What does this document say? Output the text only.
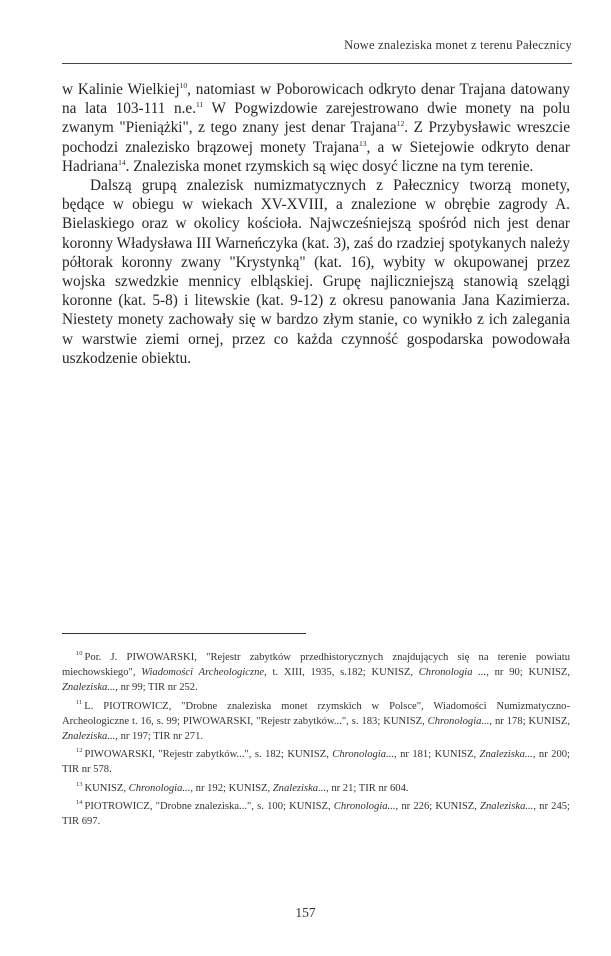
Nowe znaleziska monet z terenu Pałecznicy

w Kalinie Wielkiej$^{10}$, natomiast w Poborowicach odkryto denar Trajana datowany na lata 103-111 n.e.$^{11}$ W Pogwizdowie zarejestrowano dwie monety na polu zwanym "Pieniążki", z tego znany jest denar Trajana$^{12}$. Z Przybysławic wreszcie pochodzi znalezisko brązowej monety Trajana$^{13}$, a w Sietejowie odkryto denar Hadriana$^{14}$. Znaleziska monet rzymskich są więc dosyć liczne na tym terenie.

Dalszą grupą znalezisk numizmatycznych z Pałecznicy tworzą monety, będące w obiegu w wiekach XV-XVIII, a znalezione w obrębie zagrody A. Bielaskiego oraz w okolicy kościoła. Najwcześniejszą spośród nich jest denar koronny Władysława III Warneńczyka (kat. 3), zaś do rzadziej spotykanych należy półtorak koronny zwany "Krystynką" (kat. 16), wybity w okupowanej przez wojska szwedzkie mennicy elbląskiej. Grupę najliczniejszą stanowią szelągi koronne (kat. 5-8) i litewskie (kat. 9-12) z okresu panowania Jana Kazimierza. Niestety monety zachowały się w bardzo złym stanie, co wynikło z ich zalegania w warstwie ziemi ornej, przez co każda czynność gospodarska powodowała uszkodzenie obiektu.

$^{10}$ Por. J. PIWOWARSKI, "Rejestr zabytków przedhistorycznych znajdujących się na terenie powiatu miechowskiego", Wiadomości Archeologiczne, t. XIII, 1935, s.182; KUNISZ, Chronologia ..., nr 90; KUNISZ, Znaleziska..., nr 99; TIR nr 252.
$^{11}$ L. PIOTROWICZ, "Drobne znaleziska monet rzymskich w Polsce", Wiadomości Numizmatyczno-Archeologiczne t. 16, s. 99; PIWOWARSKI, "Rejestr zabytków...", s. 183; KUNISZ, Chronologia..., nr 178; KUNISZ, Znaleziska..., nr 197; TIR nr 271.
$^{12}$ PIWOWARSKI, "Rejestr zabytków...", s. 182; KUNISZ, Chronologia..., nr 181; KUNISZ, Znaleziska..., nr 200; TIR nr 578.
$^{13}$ KUNISZ, Chronologia..., nr 192; KUNISZ, Znaleziska..., nr 21; TIR nr 604.
$^{14}$ PIOTROWICZ, "Drobne znaleziska...", s. 100; KUNISZ, Chronologia..., nr 226; KUNISZ, Znaleziska..., nr 245; TIR 697.
157
